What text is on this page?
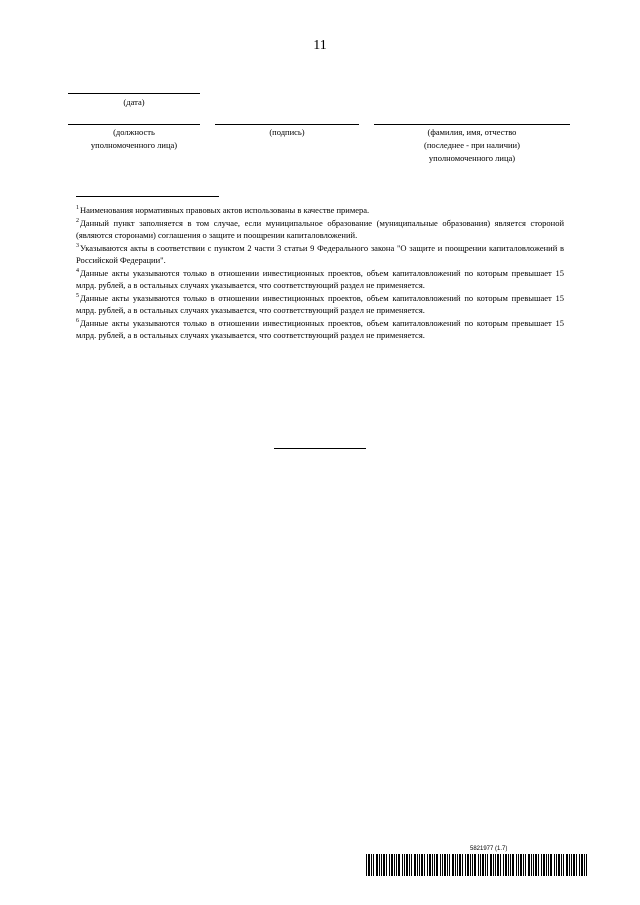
11
(дата)
(должность
уполномоченного лица)
(подпись)	(фамилия, имя, отчество
(последнее - при наличии)
уполномоченного лица)

$^1$Наименования нормативных правовых актов использованы в качестве примера.

$^2$Данный пункт заполняется в том случае, если муниципальное образование (муниципальные образования) является стороной (являются сторонами) соглашения о защите и поощрении капиталовложений.

$^3$Указываются акты в соответствии с пунктом 2 части 3 статьи 9 Федерального закона "О защите и поощрении капиталовложений в Российской Федерации".

$^4$Данные акты указываются только в отношении инвестиционных проектов, объем капиталовложений по которым превышает 15 млрд. рублей, а в остальных случаях указывается, что соответствующий раздел не применяется.

$^5$Данные акты указываются только в отношении инвестиционных проектов, объем капиталовложений по которым превышает 15 млрд. рублей, а в остальных случаях указывается, что соответствующий раздел не применяется.

$^6$Данные акты указываются только в отношении инвестиционных проектов, объем капиталовложений по которым превышает 15 млрд. рублей, а в остальных случаях указывается, что соответствующий раздел не применяется.

5821977 (1.7)
